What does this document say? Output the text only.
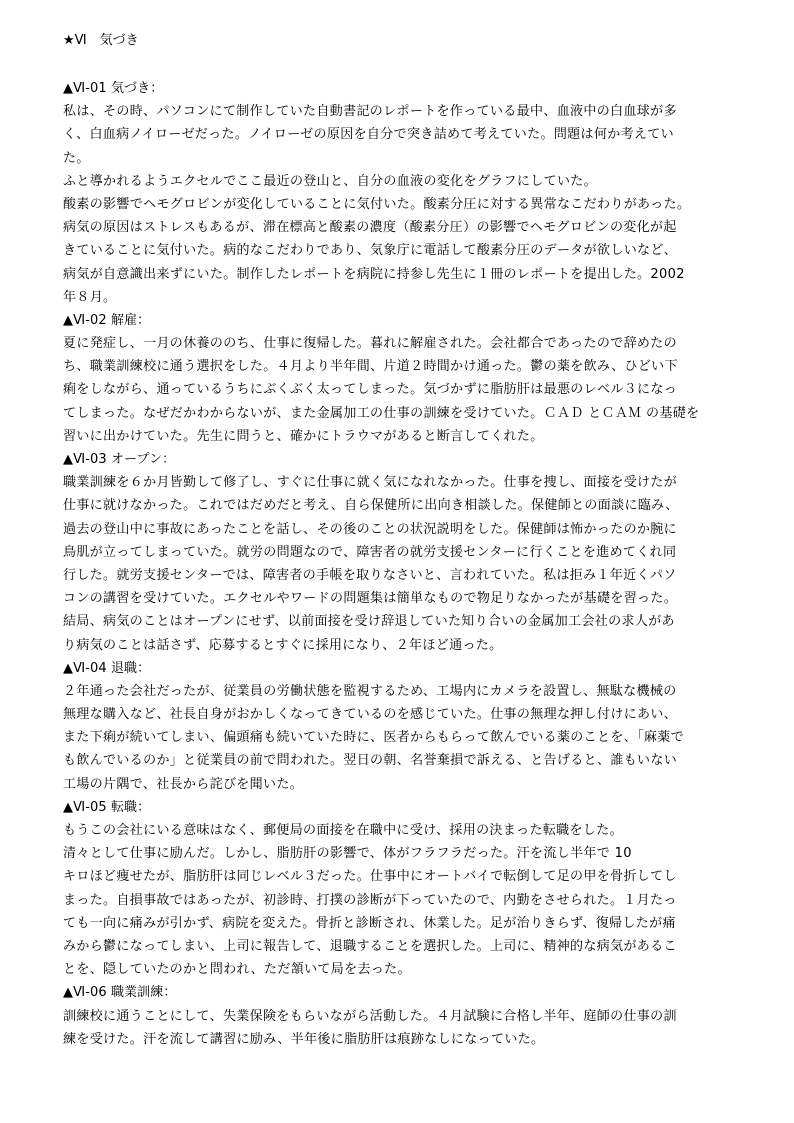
★Ⅵ　気づき
▲Ⅵ-01 気づき：
私は、その時、パソコンにて制作していた自動書記のレポートを作っている最中、血液中の白血球が多
く、白血病ノイローゼだった。ノイローゼの原因を自分で突き詰めて考えていた。問題は何か考えてい
た。
ふと導かれるようエクセルでここ最近の登山と、自分の血液の変化をグラフにしていた。
酸素の影響でヘモグロビンが変化していることに気付いた。酸素分圧に対する異常なこだわりがあった。
病気の原因はストレスもあるが、滞在標高と酸素の濃度（酸素分圧）の影響でヘモグロビンの変化が起
きていることに気付いた。病的なこだわりであり、気象庁に電話して酸素分圧のデータが欲しいなど、
病気が自意識出来ずにいた。制作したレポートを病院に持参し先生に１冊のレポートを提出した。2002
年８月。
▲Ⅵ-02 解雇：
夏に発症し、一月の休養ののち、仕事に復帰した。暮れに解雇された。会社都合であったので辞めたの
ち、職業訓練校に通う選択をした。４月より半年間、片道２時間かけ通った。鬱の薬を飲み、ひどい下
痢をしながら、通っているうちにぶくぶく太ってしまった。気づかずに脂肪肝は最悪のレベル３になっ
てしまった。なぜだかわからないが、また金属加工の仕事の訓練を受けていた。ＣＡＤ とＣＡＭ の基礎を
習いに出かけていた。先生に問うと、確かにトラウマがあると断言してくれた。
▲Ⅵ-03 オープン：
職業訓練を６か月皆勤して修了し、すぐに仕事に就く気になれなかった。仕事を捜し、面接を受けたが
仕事に就けなかった。これではだめだと考え、自ら保健所に出向き相談した。保健師との面談に臨み、
過去の登山中に事故にあったことを話し、その後のことの状況説明をした。保健師は怖かったのか腕に
鳥肌が立ってしまっていた。就労の問題なので、障害者の就労支援センターに行くことを進めてくれ同
行した。就労支援センターでは、障害者の手帳を取りなさいと、言われていた。私は拒み１年近くパソ
コンの講習を受けていた。エクセルやワードの問題集は簡単なもので物足りなかったが基礎を習った。
結局、病気のことはオープンにせず、以前面接を受け辞退していた知り合いの金属加工会社の求人があ
り病気のことは話さず、応募するとすぐに採用になり、２年ほど通った。
▲Ⅵ-04 退職：
２年通った会社だったが、従業員の労働状態を監視するため、工場内にカメラを設置し、無駄な機械の
無理な購入など、社長自身がおかしくなってきているのを感じていた。仕事の無理な押し付けにあい、
また下痢が続いてしまい、偏頭痛も続いていた時に、医者からもらって飲んでいる薬のことを、「麻薬で
も飲んでいるのか」と従業員の前で問われた。翌日の朝、名誉棄損で訴える、と告げると、誰もいない
工場の片隅で、社長から詫びを聞いた。
▲Ⅵ-05 転職：
もうこの会社にいる意味はなく、郵便局の面接を在職中に受け、採用の決まった転職をした。
清々として仕事に励んだ。しかし、脂肪肝の影響で、体がフラフラだった。汗を流し半年で 10
キロほど痩せたが、脂肪肝は同じレベル３だった。仕事中にオートバイで転倒して足の甲を骨折してし
まった。自損事故ではあったが、初診時、打撲の診断が下っていたので、内勤をさせられた。１月たっ
ても一向に痛みが引かず、病院を変えた。骨折と診断され、休業した。足が治りきらず、復帰したが痛
みから鬱になってしまい、上司に報告して、退職することを選択した。上司に、精神的な病気があるこ
とを、隠していたのかと問われ、ただ頷いて局を去った。
▲Ⅵ-06 職業訓練：
訓練校に通うことにして、失業保険をもらいながら活動した。４月試験に合格し半年、庭師の仕事の訓
練を受けた。汗を流して講習に励み、半年後に脂肪肝は痕跡なしになっていた。
